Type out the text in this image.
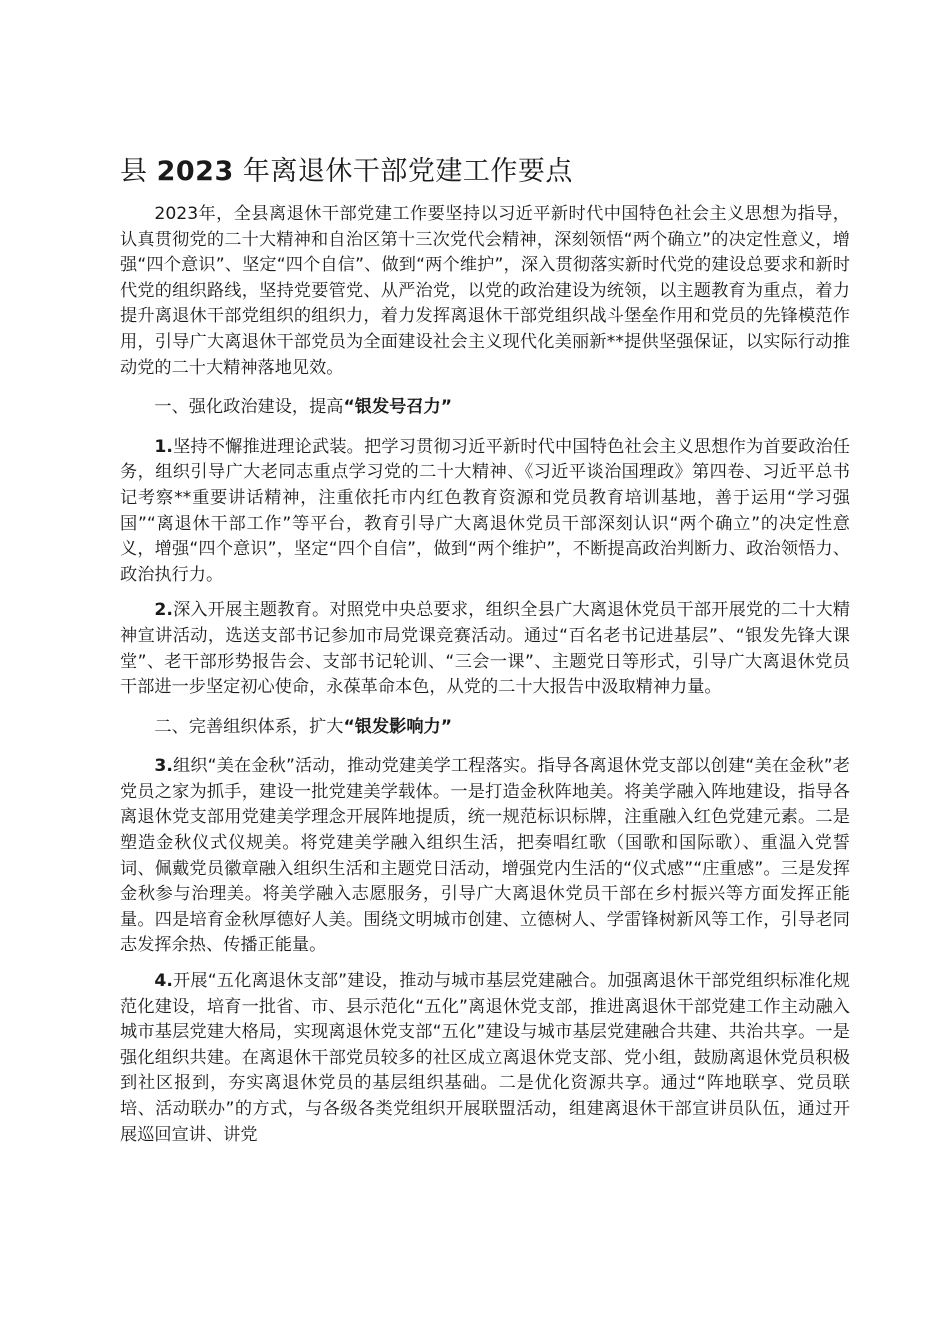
县 2023 年离退休干部党建工作要点

2023年，全县离退休干部党建工作要坚持以习近平新时代中国特色社会主义思想为指导，认真贯彻党的二十大精神和自治区第十三次党代会精神，深刻领悟“两个确立”的决定性意义，增强“四个意识”、坚定“四个自信”、做到“两个维护”，深入贯彻落实新时代党的建设总要求和新时代党的组织路线，坚持党要管党、从严治党，以党的政治建设为统领，以主题教育为重点，着力提升离退休干部党组织的组织力，着力发挥离退休干部党组织战斗堡垒作用和党员的先锋模范作用，引导广大离退休干部党员为全面建设社会主义现代化美丽新**提供坚强保证，以实际行动推动党的二十大精神落地见效。

一、强化政治建设，提高“银发号召力”

1.坚持不懈推进理论武装。把学习贯彻习近平新时代中国特色社会主义思想作为首要政治任务，组织引导广大老同志重点学习党的二十大精神、《习近平谈治国理政》第四卷、习近平总书记考察**重要讲话精神，注重依托市内红色教育资源和党员教育培训基地，善于运用“学习强国”“离退休干部工作”等平台，教育引导广大离退休党员干部深刻认识“两个确立”的决定性意义，增强“四个意识”，坚定“四个自信”，做到“两个维护”，不断提高政治判断力、政治领悟力、政治执行力。

2.深入开展主题教育。对照党中央总要求，组织全县广大离退休党员干部开展党的二十大精神宣讲活动，选送支部书记参加市局党课竞赛活动。通过“百名老书记进基层”、“银发先锋大课堂”、老干部形势报告会、支部书记轮训、“三会一课”、主题党日等形式，引导广大离退休党员干部进一步坚定初心使命，永葆革命本色，从党的二十大报告中汲取精神力量。

二、完善组织体系，扩大“银发影响力”

3.组织“美在金秋”活动，推动党建美学工程落实。指导各离退休党支部以创建“美在金秋”老党员之家为抓手，建设一批党建美学载体。一是打造金秋阵地美。将美学融入阵地建设，指导各离退休党支部用党建美学理念开展阵地提质，统一规范标识标牌，注重融入红色党建元素。二是塑造金秋仪式仪规美。将党建美学融入组织生活，把奏唱红歌（国歌和国际歌）、重温入党誓词、佩戴党员徽章融入组织生活和主题党日活动，增强党内生活的“仪式感”“庄重感”。三是发挥金秋参与治理美。将美学融入志愿服务，引导广大离退休党员干部在乡村振兴等方面发挥正能量。四是培育金秋厚德好人美。围绕文明城市创建、立德树人、学雷锋树新风等工作，引导老同志发挥余热、传播正能量。

4.开展“五化离退休支部”建设，推动与城市基层党建融合。加强离退休干部党组织标准化规范化建设，培育一批省、市、县示范化“五化”离退休党支部，推进离退休干部党建工作主动融入城市基层党建大格局，实现离退休党支部“五化”建设与城市基层党建融合共建、共治共享。一是强化组织共建。在离退休干部党员较多的社区成立离退休党支部、党小组，鼓励离退休党员积极到社区报到，夯实离退休党员的基层组织基础。二是优化资源共享。通过“阵地联享、党员联培、活动联办”的方式，与各级各类党组织开展联盟活动，组建离退休干部宣讲员队伍，通过开展巡回宣讲、讲党
